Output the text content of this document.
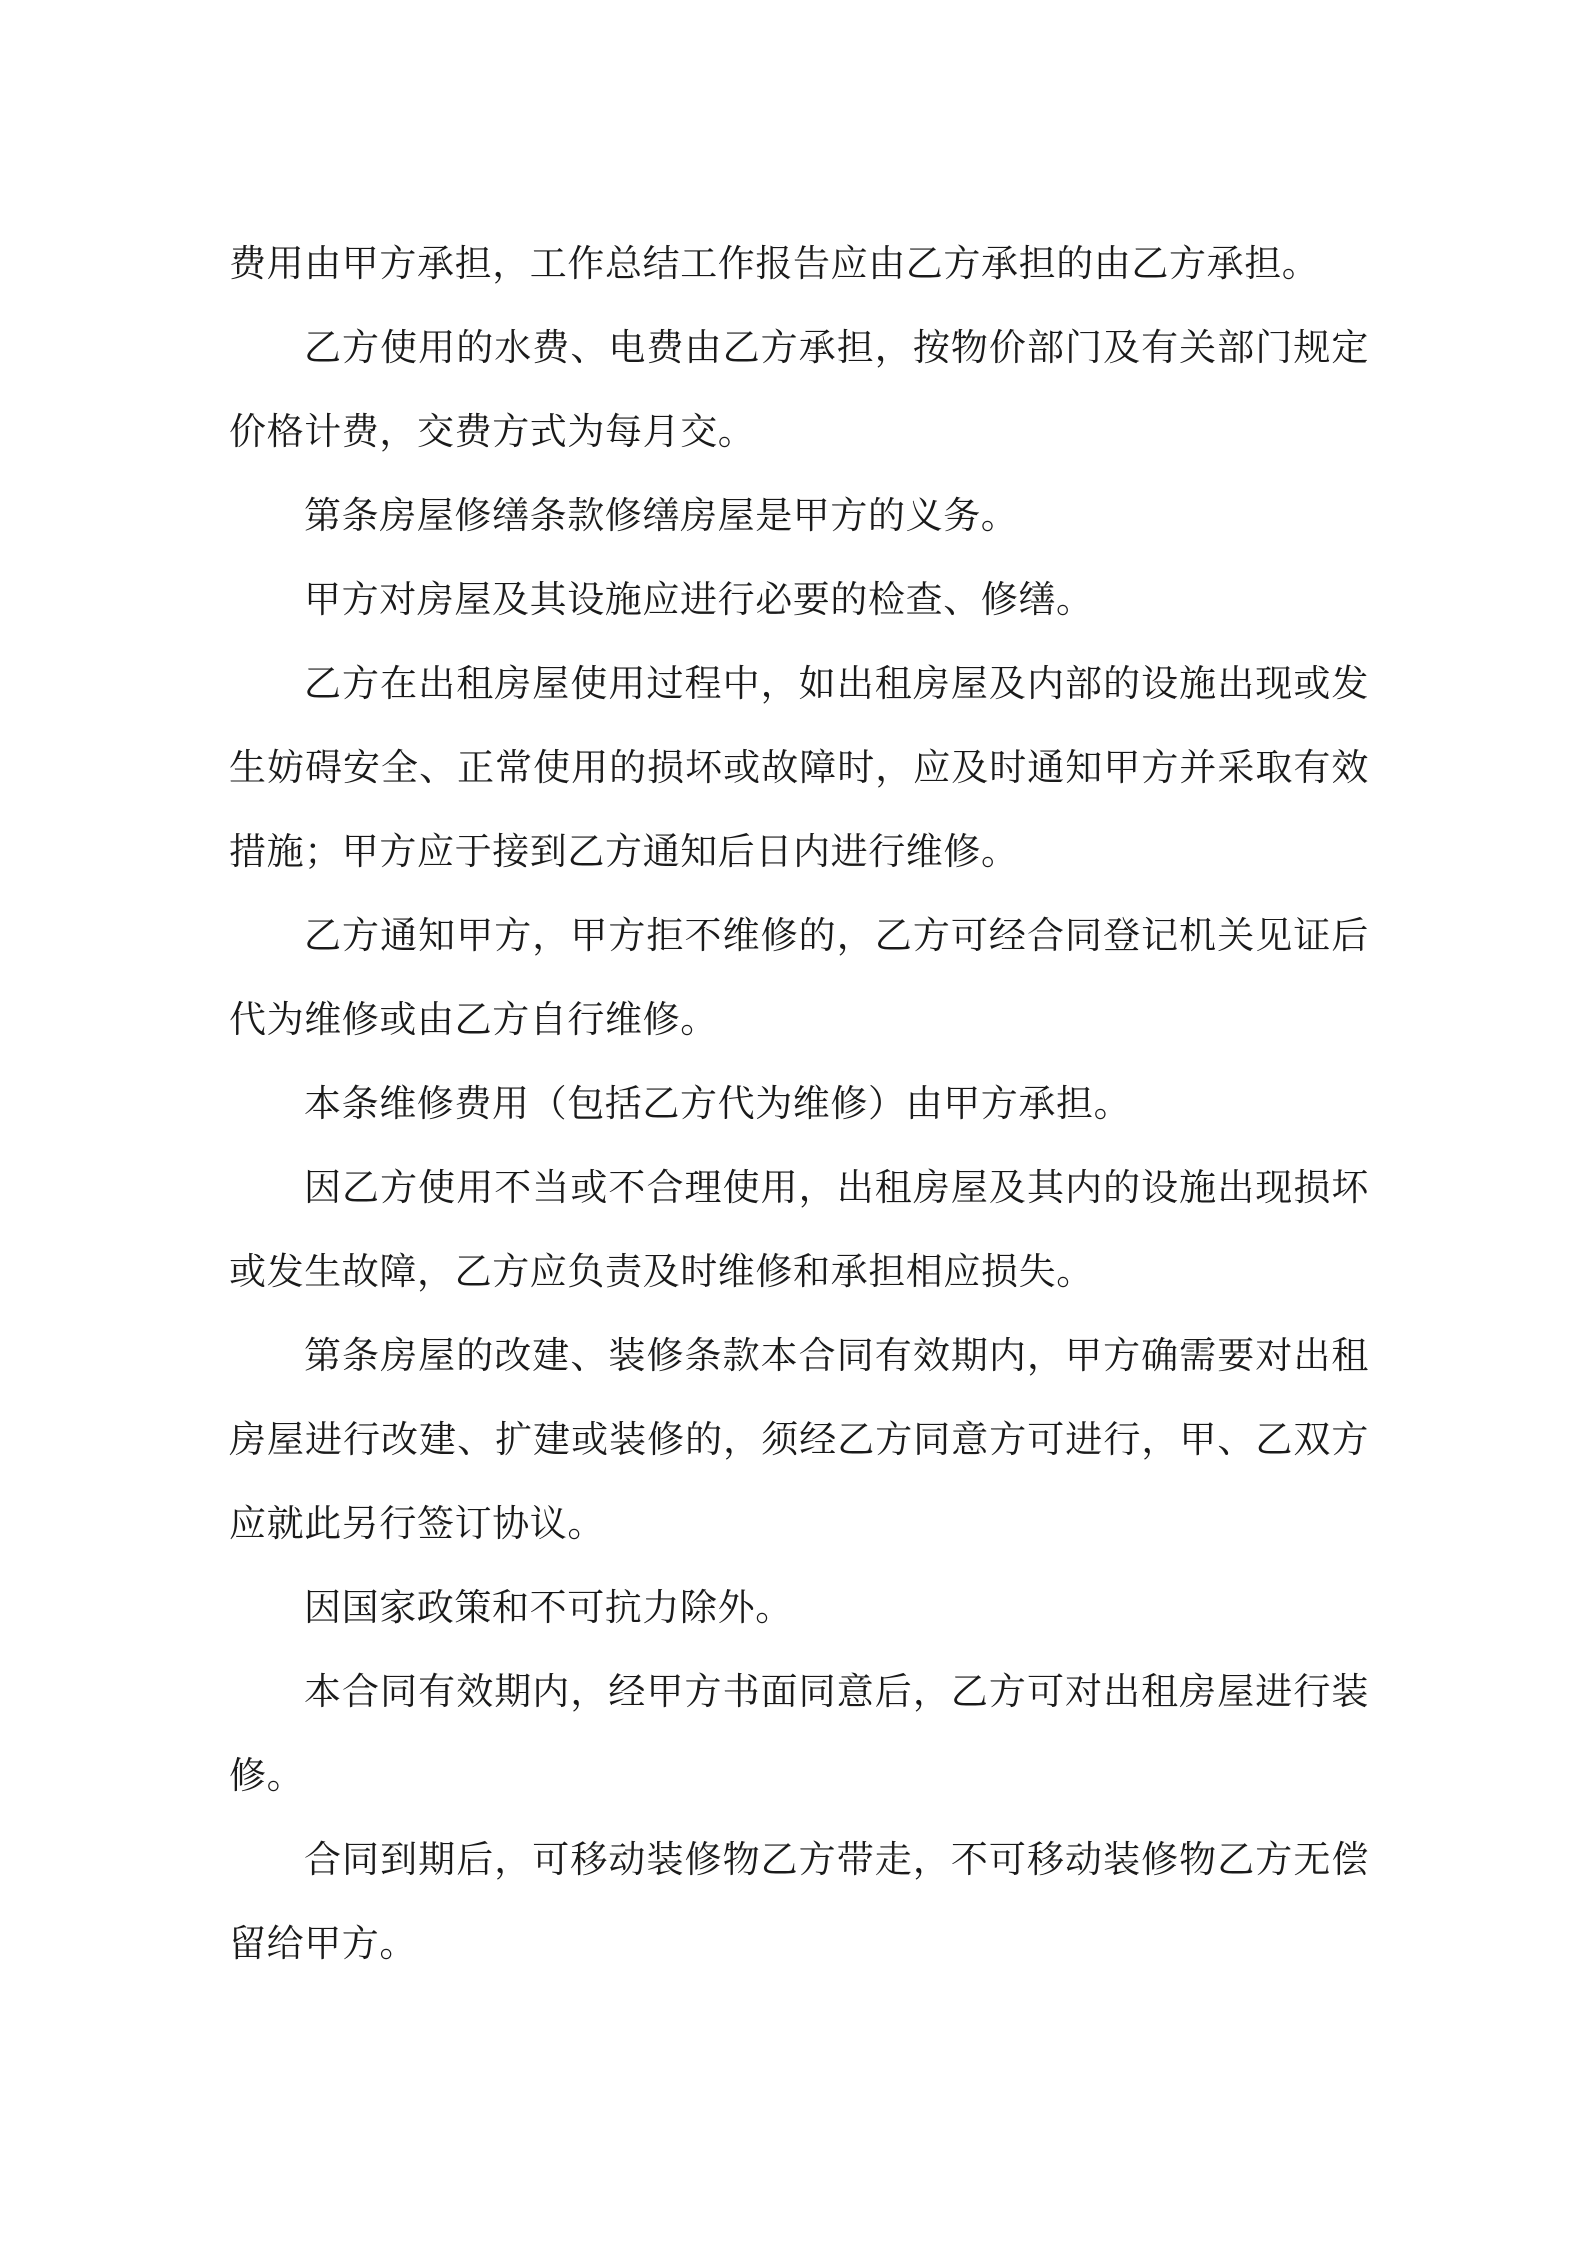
费用由甲方承担，工作总结工作报告应由乙方承担的由乙方承担。

乙方使用的水费、电费由乙方承担，按物价部门及有关部门规定价格计费，交费方式为每月交。

第条房屋修缮条款修缮房屋是甲方的义务。

甲方对房屋及其设施应进行必要的检查、修缮。

乙方在出租房屋使用过程中，如出租房屋及内部的设施出现或发生妨碍安全、正常使用的损坏或故障时，应及时通知甲方并采取有效措施；甲方应于接到乙方通知后日内进行维修。

乙方通知甲方，甲方拒不维修的，乙方可经合同登记机关见证后代为维修或由乙方自行维修。

本条维修费用（包括乙方代为维修）由甲方承担。

因乙方使用不当或不合理使用，出租房屋及其内的设施出现损坏或发生故障，乙方应负责及时维修和承担相应损失。

第条房屋的改建、装修条款本合同有效期内，甲方确需要对出租房屋进行改建、扩建或装修的，须经乙方同意方可进行，甲、乙双方应就此另行签订协议。

因国家政策和不可抗力除外。

本合同有效期内，经甲方书面同意后，乙方可对出租房屋进行装修。

合同到期后，可移动装修物乙方带走，不可移动装修物乙方无偿留给甲方。
